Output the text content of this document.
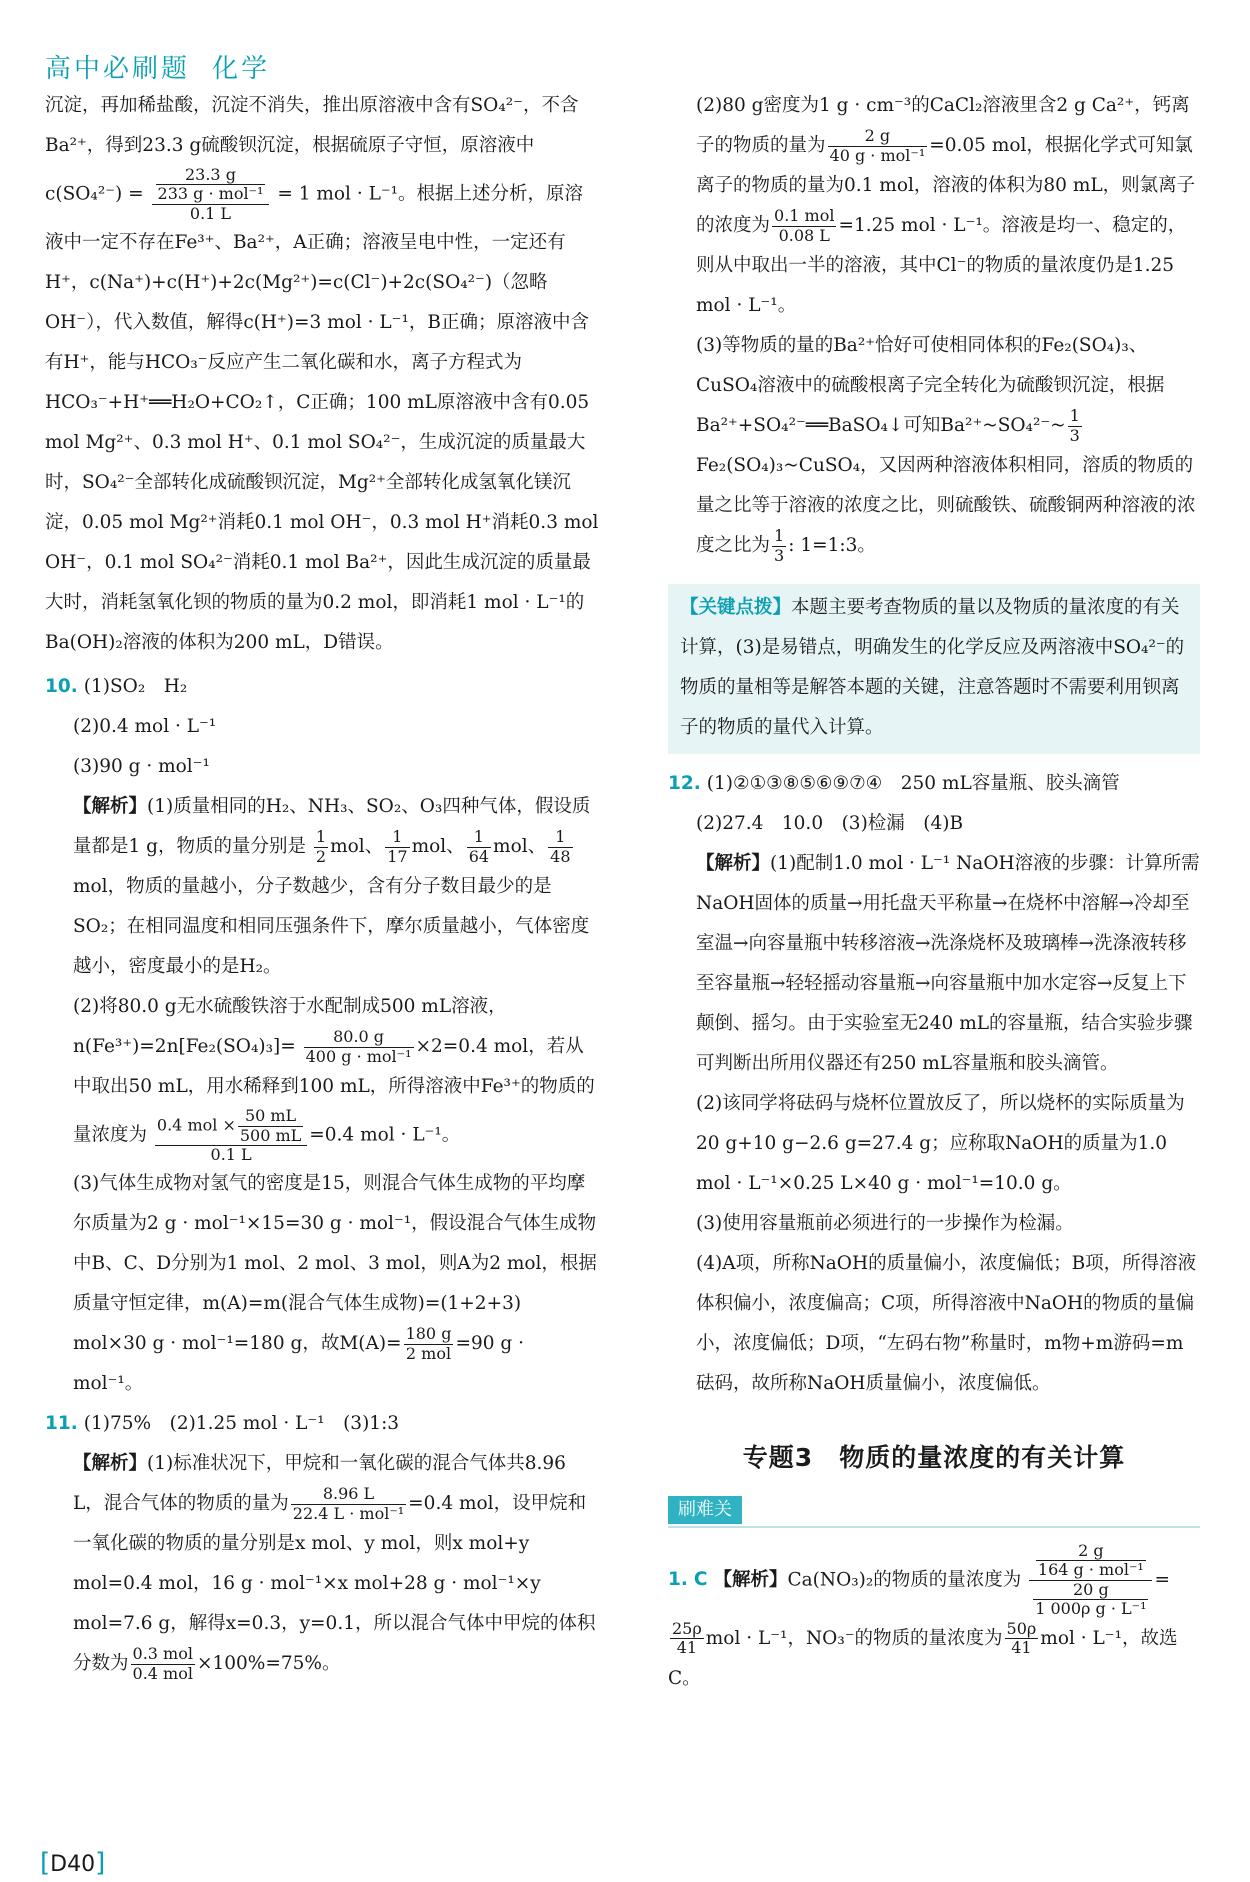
高中必刷题 化学

沉淀，再加稀盐酸，沉淀不消失，推出原溶液中含有SO₄²⁻，不含Ba²⁺，得到23.3 g硫酸钡沉淀，根据硫原子守恒，原溶液中 $c(SO_4^{2-}) = \frac{\frac{23.3 g}{\text{233 g · mol⁻¹}}}{0.1 L} = 1$ mol · L⁻¹。根据上述分析，原溶液中一定不存在Fe³⁺、Ba²⁺，A正确；溶液呈电中性，一定还有H⁺，c(Na⁺)+c(H⁺)+2c(Mg²⁺)=c(Cl⁻)+2c(SO₄²⁻)（忽略OH⁻），代入数值，解得c(H⁺)=3 mol · L⁻¹，B正确；原溶液中含有H⁺，能与HCO₃⁻反应产生二氧化碳和水，离子方程式为HCO₃⁻+H⁺══H₂O+CO₂↑，C正确；100 mL原溶液中含有0.05 mol Mg²⁺、0.3 mol H⁺、0.1 mol SO₄²⁻，生成沉淀的质量最大时，SO₄²⁻全部转化成硫酸钡沉淀，Mg²⁺全部转化成氢氧化镁沉淀，0.05 mol Mg²⁺消耗0.1 mol OH⁻，0.3 mol H⁺消耗0.3 mol OH⁻，0.1 mol SO₄²⁻消耗0.1 mol Ba²⁺，因此生成沉淀的质量最大时，消耗氢氧化钡的物质的量为0.2 mol，即消耗1 mol · L⁻¹的Ba(OH)₂溶液的体积为200 mL，D错误。

10. (1)SO₂　H₂

(2)0.4 mol · L⁻¹

(3)90 g · mol⁻¹

【解析】(1)质量相同的H₂、NH₃、SO₂、O₃四种气体，假设质量都是1 g，物质的量分别是 $\frac{1}{2}$ mol、 $\frac{1}{17}$ mol、 $\frac{1}{64}$ mol、 $\frac{1}{48}$
mol，物质的量越小，分子数越少，含有分子数目最少的是SO₂；在相同温度和相同压强条件下，摩尔质量越小，气体密度越小，密度最小的是H₂。

(2)将80.0 g无水硫酸铁溶于水配制成500 mL溶液，$n(Fe^{3+})=2n[Fe_2(SO_4)_3]= \frac{80.0 g}{\text{400 g · mol⁻¹}} \times 2=0.4$ mol，若从中取出50 mL，用水稀释到100 mL，所得溶液中Fe³⁺的物质的量浓度为 $\frac{0.4 mol \times \frac{50 mL}{500 mL}}{0.1 L} =0.4$ mol · L⁻¹。

(3)气体生成物对氢气的密度是15，则混合气体生成物的平均摩尔质量为2 g · mol⁻¹×15=30 g · mol⁻¹，假设混合气体生成物中B、C、D分别为1 mol、2 mol、3 mol，则A为2 mol，根据质量守恒定律，m(A)=m(混合气体生成物)=(1+2+3) mol×30 g · mol⁻¹=180 g，故$M(A)= \frac{180 g}{\text{2 mol}} =90$ g · mol⁻¹。

11. (1)75%　(2)1.25 mol · L⁻¹　(3)1:3

【解析】(1)标准状况下，甲烷和一氧化碳的混合气体共8.96 L，混合气体的物质的量为 $\frac{8.96 L}{\text{22.4 L · mol⁻¹}} =0.4$ mol，设甲烷和一氧化碳的物质的量分别是x mol、y mol，则x mol+y mol=0.4 mol，16 g · mol⁻¹×x mol+28 g · mol⁻¹×y mol=7.6 g，解得x=0.3，y=0.1，所以混合气体中甲烷的体积分数为 $\frac{\text{0.3 mol}}{\text{0.4 mol}} \times 100\%=75\%$。

(2)80 g密度为1 g · cm⁻³的CaCl₂溶液里含2 g Ca²⁺，钙离子的物质的量为 $\frac{2 g}{\text{40 g · mol⁻¹}} =0.05$ mol，根据化学式可知氯离子的物质的量为0.1 mol，溶液的体积为80 mL，则氯离子的浓度为 $\frac{\text{0.1 mol}}{0.08 L} =1.25$ mol · L⁻¹。溶液是均一、稳定的，则从中取出一半的溶液，其中Cl⁻的物质的量浓度仍是1.25 mol · L⁻¹。

(3)等物质的量的Ba²⁺恰好可使相同体积的Fe₂(SO₄)₃、CuSO₄溶液中的硫酸根离子完全转化为硫酸钡沉淀，根据Ba²⁺+SO₄²⁻══BaSO₄↓可知Ba²⁺~SO₄²⁻~ $\frac{1}{3}$
Fe₂(SO₄)₃~CuSO₄，又因两种溶液体积相同，溶质的物质的量之比等于溶液的浓度之比，则硫酸铁、硫酸铜两种溶液的浓度之比为 $\frac{1}{3}$ : 1=1:3。

【关键点拨】本题主要考查物质的量以及物质的量浓度的有关计算，(3)是易错点，明确发生的化学反应及两溶液中SO₄²⁻的物质的量相等是解答本题的关键，注意答题时不需要利用钡离子的物质的量代入计算。

12. (1)②①③⑧⑤⑥⑨⑦④　250 mL容量瓶、胶头滴管

(2)27.4　10.0　(3)检漏　(4)B

【解析】(1)配制1.0 mol · L⁻¹ NaOH溶液的步骤：计算所需NaOH固体的质量→用托盘天平称量→在烧杯中溶解→冷却至室温→向容量瓶中转移溶液→洗涤烧杯及玻璃棒→洗涤液转移至容量瓶→轻轻摇动容量瓶→向容量瓶中加水定容→反复上下颠倒、摇匀。由于实验室无240 mL的容量瓶，结合实验步骤可判断出所用仪器还有250 mL容量瓶和胶头滴管。

(2)该同学将砝码与烧杯位置放反了，所以烧杯的实际质量为20 g+10 g−2.6 g=27.4 g；应称取NaOH的质量为1.0 mol · L⁻¹×0.25 L×40 g · mol⁻¹=10.0 g。

(3)使用容量瓶前必须进行的一步操作为检漏。

(4)A项，所称NaOH的质量偏小，浓度偏低；B项，所得溶液体积偏小，浓度偏高；C项，所得溶液中NaOH的物质的量偏小，浓度偏低；D项，“左码右物”称量时，m物+m游码=m砝码，故所称NaOH质量偏小，浓度偏低。

专题3　物质的量浓度的有关计算
刷难关

1. C 【解析】Ca(NO₃)₂的物质的量浓度为 $\frac{\frac{2 g}{\text{164 g · mol⁻¹}}}{\frac{20 g}{\text{1 000ρ g · L⁻¹}}}$ =
$\frac{25\rho}{41}$ mol · L⁻¹，NO₃⁻的物质的量浓度为 $\frac{50\rho}{41}$ mol · L⁻¹，故选C。

[D40]
